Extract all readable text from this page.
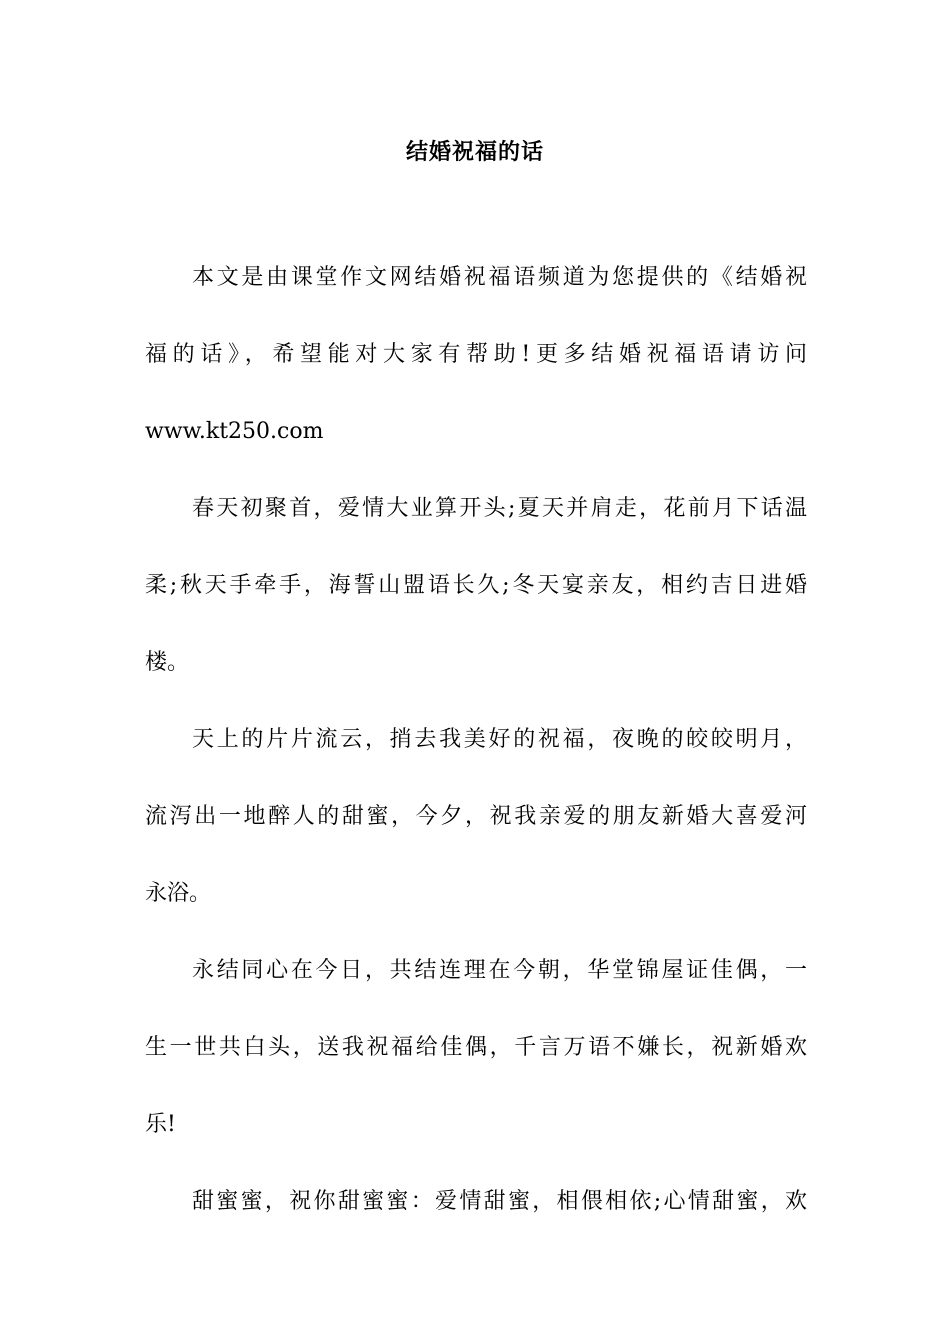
结婚祝福的话
本文是由课堂作文网结婚祝福语频道为您提供的《结婚祝
福的话》，希望能对大家有帮助!更多结婚祝福语请访问
www.kt250.com
春天初聚首，爱情大业算开头;夏天并肩走，花前月下话温
柔;秋天手牵手，海誓山盟语长久;冬天宴亲友，相约吉日进婚
楼。
天上的片片流云，捎去我美好的祝福，夜晚的皎皎明月，
流泻出一地醉人的甜蜜，今夕，祝我亲爱的朋友新婚大喜爱河
永浴。
永结同心在今日，共结连理在今朝，华堂锦屋证佳偶，一
生一世共白头，送我祝福给佳偶，千言万语不嫌长，祝新婚欢
乐!
甜蜜蜜，祝你甜蜜蜜：爱情甜蜜，相偎相依;心情甜蜜，欢
